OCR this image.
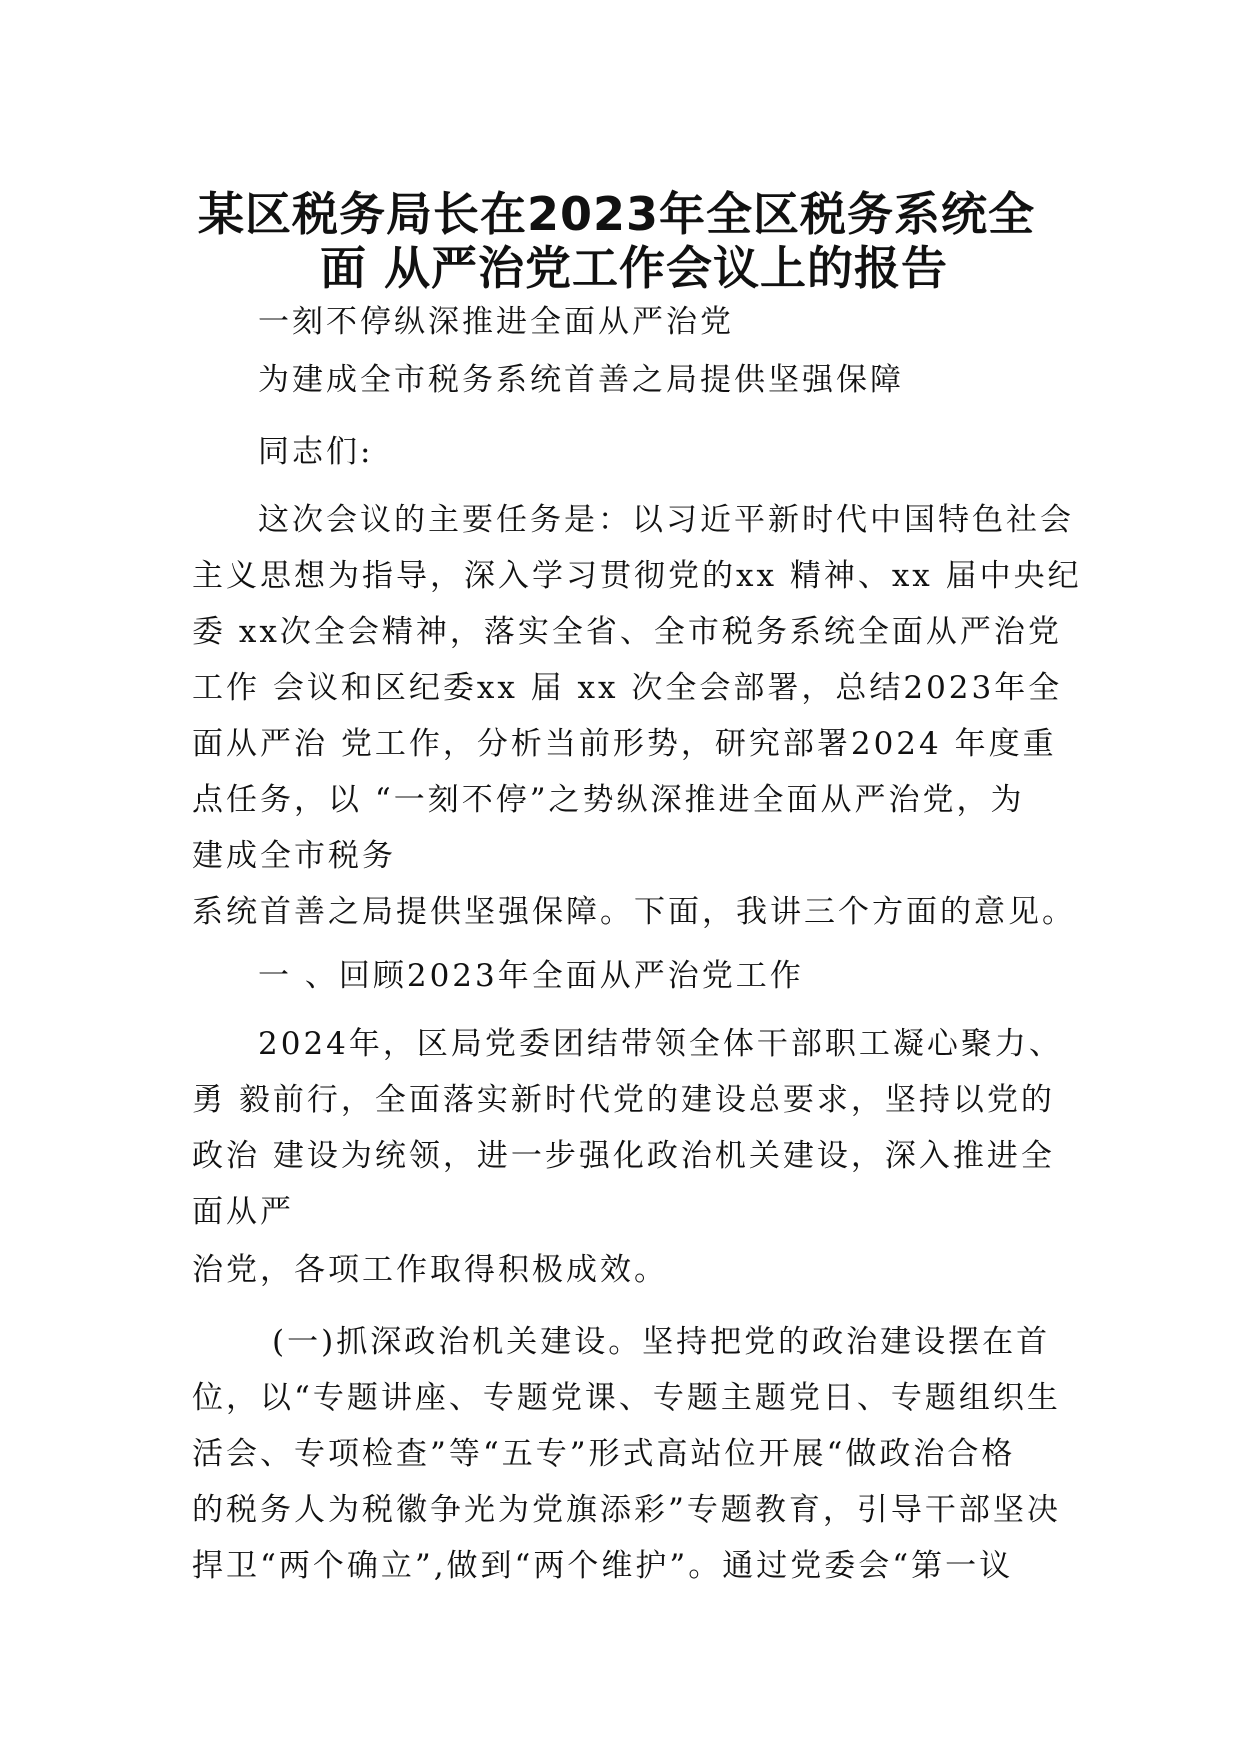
某区税务局长在2023年全区税务系统全
面 从严治党工作会议上的报告
一刻不停纵深推进全面从严治党
为建成全市税务系统首善之局提供坚强保障
同志们:
这次会议的主要任务是：以习近平新时代中国特色社会
主义思想为指导，深入学习贯彻党的xx 精神、xx 届中央纪
委 xx次全会精神，落实全省、全市税务系统全面从严治党
工作 会议和区纪委xx 届 xx 次全会部署，总结2023年全
面从严治 党工作，分析当前形势，研究部署2024 年度重
点任务，以 “一刻不停”之势纵深推进全面从严治党，为
建成全市税务
系统首善之局提供坚强保障。下面，我讲三个方面的意见。
一 、回顾2023年全面从严治党工作
2024年，区局党委团结带领全体干部职工凝心聚力、
勇 毅前行，全面落实新时代党的建设总要求，坚持以党的
政治 建设为统领，进一步强化政治机关建设，深入推进全
面从严
治党，各项工作取得积极成效。
(一)抓深政治机关建设。坚持把党的政治建设摆在首
位，以“专题讲座、专题党课、专题主题党日、专题组织生
活会、专项检查”等“五专”形式高站位开展“做政治合格
的税务人为税徽争光为党旗添彩”专题教育，引导干部坚决
捍卫“两个确立”,做到“两个维护”。通过党委会“第一议
